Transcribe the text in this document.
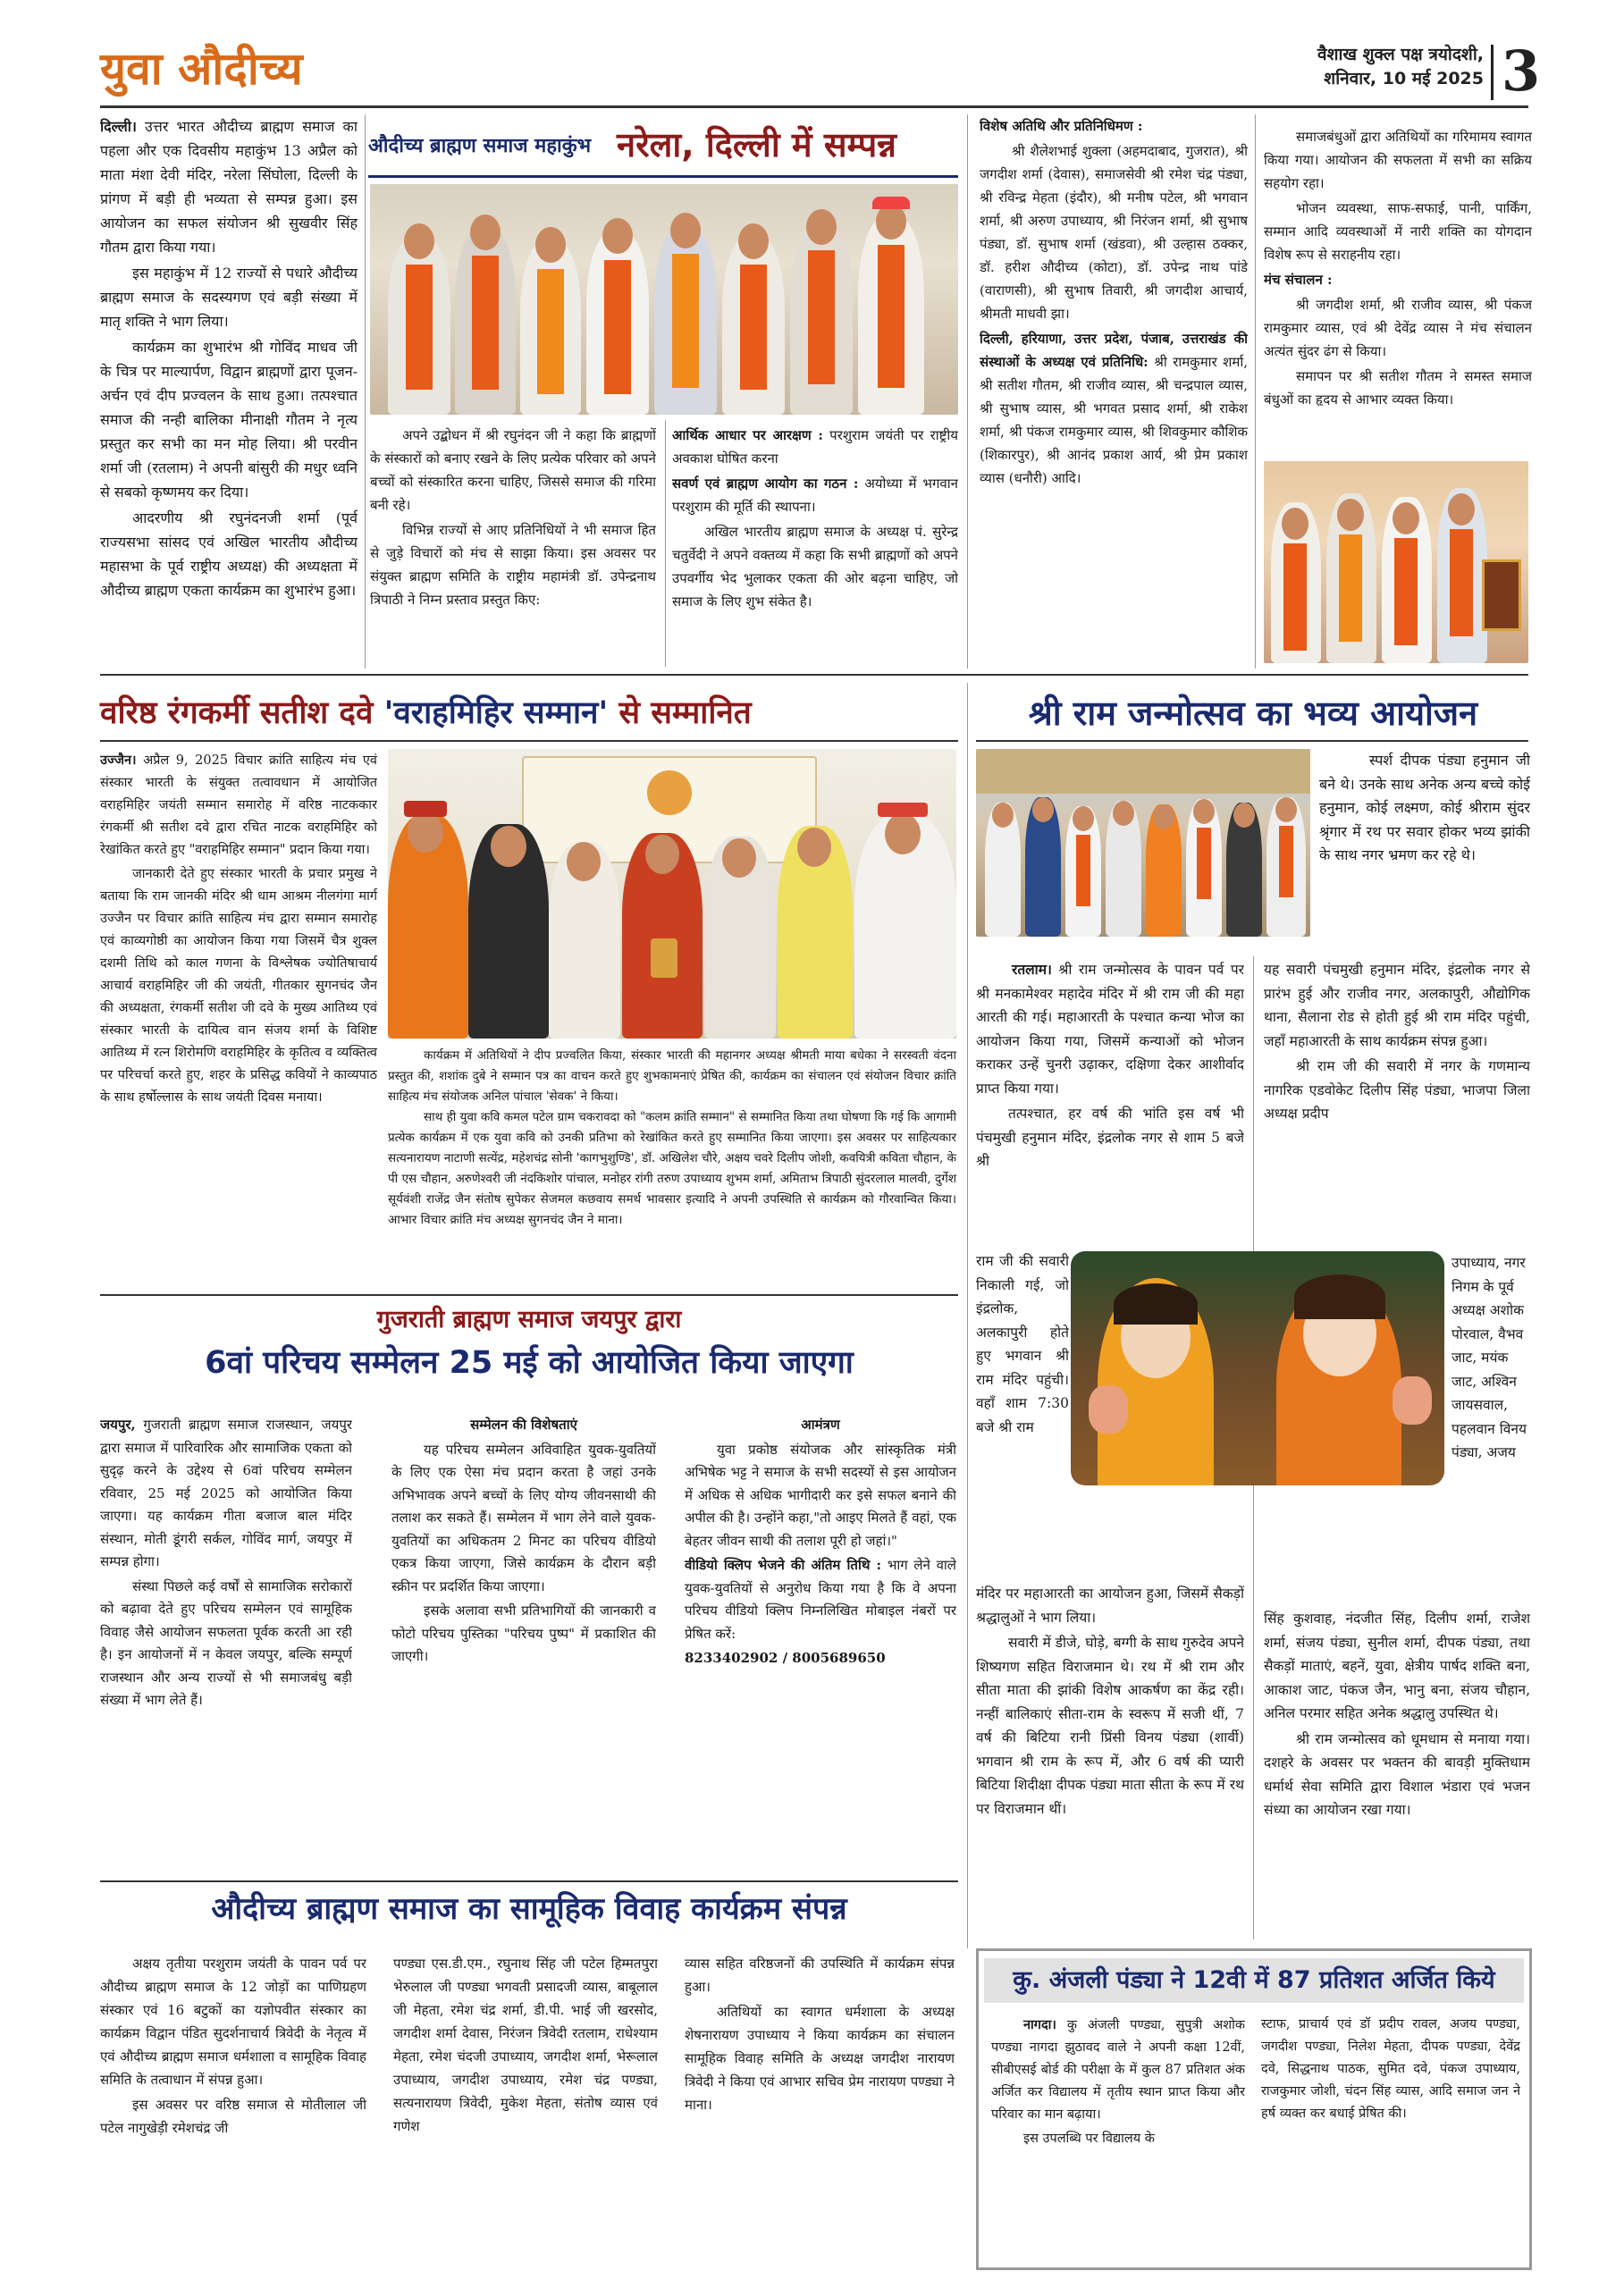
युवा औदीच्य	वैशाख शुक्ल पक्ष त्रयोदशी,
शनिवार, 10 मई 2025 3

दिल्ली। उत्तर भारत औदीच्य ब्राह्मण समाज का पहला और एक दिवसीय महाकुंभ 13 अप्रैल को माता मंशा देवी मंदिर, नरेला सिंघोला, दिल्ली के प्रांगण में बड़ी ही भव्यता से सम्पन्न हुआ। इस आयोजन का सफल संयोजन श्री सुखवीर सिंह गौतम द्वारा किया गया।

इस महाकुंभ में 12 राज्यों से पधारे औदीच्य ब्राह्मण समाज के सदस्यगण एवं बड़ी संख्या में मातृ शक्ति ने भाग लिया।

कार्यक्रम का शुभारंभ श्री गोविंद माधव जी के चित्र पर माल्यार्पण, विद्वान ब्राह्मणों द्वारा पूजन-अर्चन एवं दीप प्रज्वलन के साथ हुआ। तत्पश्चात समाज की नन्ही बालिका मीनाक्षी गौतम ने नृत्य प्रस्तुत कर सभी का मन मोह लिया। श्री परवीन शर्मा जी (रतलाम) ने अपनी बांसुरी की मधुर ध्वनि से सबको कृष्णमय कर दिया।

आदरणीय श्री रघुनंदनजी शर्मा (पूर्व राज्यसभा सांसद एवं अखिल भारतीय औदीच्य महासभा के पूर्व राष्ट्रीय अध्यक्ष) की अध्यक्षता में औदीच्य ब्राह्मण एकता कार्यक्रम का शुभारंभ हुआ।

औदीच्य ब्राह्मण समाज महाकुंभ नरेला, दिल्ली में सम्पन्न

अपने उद्बोधन में श्री रघुनंदन जी ने कहा कि ब्राह्मणों के संस्कारों को बनाए रखने के लिए प्रत्येक परिवार को अपने बच्चों को संस्कारित करना चाहिए, जिससे समाज की गरिमा बनी रहे।

विभिन्न राज्यों से आए प्रतिनिधियों ने भी समाज हित से जुड़े विचारों को मंच से साझा किया। इस अवसर पर संयुक्त ब्राह्मण समिति के राष्ट्रीय महामंत्री डॉ. उपेन्द्रनाथ त्रिपाठी ने निम्न प्रस्ताव प्रस्तुत किए:

आर्थिक आधार पर आरक्षण : परशुराम जयंती पर राष्ट्रीय अवकाश घोषित करना

सवर्ण एवं ब्राह्मण आयोग का गठन : अयोध्या में भगवान परशुराम की मूर्ति की स्थापना।

अखिल भारतीय ब्राह्मण समाज के अध्यक्ष पं. सुरेन्द्र चतुर्वेदी ने अपने वक्तव्य में कहा कि सभी ब्राह्मणों को अपने उपवर्गीय भेद भुलाकर एकता की ओर बढ़ना चाहिए, जो समाज के लिए शुभ संकेत है।

विशेष अतिथि और प्रतिनिधिमण :

श्री शैलेशभाई शुक्ला (अहमदाबाद, गुजरात), श्री जगदीश शर्मा (देवास), समाजसेवी श्री रमेश चंद्र पंड्या, श्री रविन्द्र मेहता (इंदौर), श्री मनीष पटेल, श्री भगवान शर्मा, श्री अरुण उपाध्याय, श्री निरंजन शर्मा, श्री सुभाष पंड्या, डॉ. सुभाष शर्मा (खंडवा), श्री उल्हास ठक्कर, डॉ. हरीश औदीच्य (कोटा), डॉ. उपेन्द्र नाथ पांडे (वाराणसी), श्री सुभाष तिवारी, श्री जगदीश आचार्य, श्रीमती माधवी झा।

दिल्ली, हरियाणा, उत्तर प्रदेश, पंजाब, उत्तराखंड की संस्थाओं के अध्यक्ष एवं प्रतिनिधि: श्री रामकुमार शर्मा, श्री सतीश गौतम, श्री राजीव व्यास, श्री चन्द्रपाल व्यास, श्री सुभाष व्यास, श्री भगवत प्रसाद शर्मा, श्री राकेश शर्मा, श्री पंकज रामकुमार व्यास, श्री शिवकुमार कौशिक (शिकारपुर), श्री आनंद प्रकाश आर्य, श्री प्रेम प्रकाश व्यास (धनौरी) आदि।

समाजबंधुओं द्वारा अतिथियों का गरिमामय स्वागत किया गया। आयोजन की सफलता में सभी का सक्रिय सहयोग रहा।

भोजन व्यवस्था, साफ-सफाई, पानी, पार्किंग, सम्मान आदि व्यवस्थाओं में नारी शक्ति का योगदान विशेष रूप से सराहनीय रहा।

मंच संचालन :

श्री जगदीश शर्मा, श्री राजीव व्यास, श्री पंकज रामकुमार व्यास, एवं श्री देवेंद्र व्यास ने मंच संचालन अत्यंत सुंदर ढंग से किया।

समापन पर श्री सतीश गौतम ने समस्त समाज बंधुओं का हृदय से आभार व्यक्त किया।

वरिष्ठ रंगकर्मी सतीश दवे 'वराहमिहिर सम्मान' से सम्मानित

उज्जैन। अप्रैल 9, 2025 विचार क्रांति साहित्य मंच एवं संस्कार भारती के संयुक्त तत्वावधान में आयोजित वराहमिहिर जयंती सम्मान समारोह में वरिष्ठ नाटककार रंगकर्मी श्री सतीश दवे द्वारा रचित नाटक वराहमिहिर को रेखांकित करते हुए "वराहमिहिर सम्मान" प्रदान किया गया।

जानकारी देते हुए संस्कार भारती के प्रचार प्रमुख ने बताया कि राम जानकी मंदिर श्री धाम आश्रम नीलगंगा मार्ग उज्जैन पर विचार क्रांति साहित्य मंच द्वारा सम्मान समारोह एवं काव्यगोष्ठी का आयोजन किया गया जिसमें चैत्र शुक्ल दशमी तिथि को काल गणना के विश्लेषक ज्योतिषाचार्य आचार्य वराहमिहिर जी की जयंती, गीतकार सुगनचंद जैन की अध्यक्षता, रंगकर्मी सतीश जी दवे के मुख्य आतिथ्य एवं संस्कार भारती के दायित्व वान संजय शर्मा के विशिष्ट आतिथ्य में रत्न शिरोमणि वराहमिहिर के कृतित्व व व्यक्तित्व पर परिचर्चा करते हुए, शहर के प्रसिद्ध कवियों ने काव्यपाठ के साथ हर्षोल्लास के साथ जयंती दिवस मनाया।

कार्यक्रम में अतिथियों ने दीप प्रज्वलित किया, संस्कार भारती की महानगर अध्यक्ष श्रीमती माया बधेका ने सरस्वती वंदना प्रस्तुत की, शशांक दुबे ने सम्मान पत्र का वाचन करते हुए शुभकामनाएं प्रेषित की, कार्यक्रम का संचालन एवं संयोजन विचार क्रांति साहित्य मंच संयोजक अनिल पांचाल 'सेवक' ने किया।

साथ ही युवा कवि कमल पटेल ग्राम चकरावदा को "कलम क्रांति सम्मान" से सम्मानित किया तथा घोषणा कि गई कि आगामी प्रत्येक कार्यक्रम में एक युवा कवि को उनकी प्रतिभा को रेखांकित करते हुए सम्मानित किया जाएगा। इस अवसर पर साहित्यकार सत्यनारायण नाटाणी सत्येंद्र, महेशचंद्र सोनी 'कागभुशुण्डि', डॉ. अखिलेश चौरे, अक्षय चवरे दिलीप जोशी, कवयित्री कविता चौहान, के पी एस चौहान, अरुणेश्वरी जी नंदकिशोर पांचाल, मनोहर रांगी तरुण उपाध्याय शुभम शर्मा, अमिताभ त्रिपाठी सुंदरलाल मालवी, दुर्गेश सूर्यवंशी राजेंद्र जैन संतोष सुपेकर सेजमल कछवाय समर्थ भावसार इत्यादि ने अपनी उपस्थिति से कार्यक्रम को गौरवान्वित किया। आभार विचार क्रांति मंच अध्यक्ष सुगनचंद जैन ने माना।

गुजराती ब्राह्मण समाज जयपुर द्वारा
6वां परिचय सम्मेलन 25 मई को आयोजित किया जाएगा

जयपुर, गुजराती ब्राह्मण समाज राजस्थान, जयपुर द्वारा समाज में पारिवारिक और सामाजिक एकता को सुदृढ़ करने के उद्देश्य से 6वां परिचय सम्मेलन रविवार, 25 मई 2025 को आयोजित किया जाएगा। यह कार्यक्रम गीता बजाज बाल मंदिर संस्थान, मोती डूंगरी सर्कल, गोविंद मार्ग, जयपुर में सम्पन्न होगा।

संस्था पिछले कई वर्षों से सामाजिक सरोकारों को बढ़ावा देते हुए परिचय सम्मेलन एवं सामूहिक विवाह जैसे आयोजन सफलता पूर्वक करती आ रही है। इन आयोजनों में न केवल जयपुर, बल्कि सम्पूर्ण राजस्थान और अन्य राज्यों से भी समाजबंधु बड़ी संख्या में भाग लेते हैं।

सम्मेलन की विशेषताएं

यह परिचय सम्मेलन अविवाहित युवक-युवतियों के लिए एक ऐसा मंच प्रदान करता है जहां उनके अभिभावक अपने बच्चों के लिए योग्य जीवनसाथी की तलाश कर सकते हैं। सम्मेलन में भाग लेने वाले युवक-युवतियों का अधिकतम 2 मिनट का परिचय वीडियो एकत्र किया जाएगा, जिसे कार्यक्रम के दौरान बड़ी स्क्रीन पर प्रदर्शित किया जाएगा।

इसके अलावा सभी प्रतिभागियों की जानकारी व फोटो परिचय पुस्तिका "परिचय पुष्प" में प्रकाशित की जाएगी।

आमंत्रण

युवा प्रकोष्ठ संयोजक और सांस्कृतिक मंत्री अभिषेक भट्ट ने समाज के सभी सदस्यों से इस आयोजन में अधिक से अधिक भागीदारी कर इसे सफल बनाने की अपील की है। उन्होंने कहा,"तो आइए मिलते हैं वहां, एक बेहतर जीवन साथी की तलाश पूरी हो जहां।"

वीडियो क्लिप भेजने की अंतिम तिथि : भाग लेने वाले युवक-युवतियों से अनुरोध किया गया है कि वे अपना परिचय वीडियो क्लिप निम्नलिखित मोबाइल नंबरों पर प्रेषित करें:

8233402902 / 8005689650

औदीच्य ब्राह्मण समाज का सामूहिक विवाह कार्यक्रम संपन्न

अक्षय तृतीया परशुराम जयंती के पावन पर्व पर औदीच्य ब्राह्मण समाज के 12 जोड़ों का पाणिग्रहण संस्कार एवं 16 बटुकों का यज्ञोपवीत संस्कार का कार्यक्रम विद्वान पंडित सुदर्शनाचार्य त्रिवेदी के नेतृत्व में एवं औदीच्य ब्राह्मण समाज धर्मशाला व सामूहिक विवाह समिति के तत्वाधान में संपन्न हुआ।

इस अवसर पर वरिष्ठ समाज से मोतीलाल जी पटेल नागुखेड़ी रमेशचंद्र जी

पण्ड्या एस.डी.एम., रघुनाथ सिंह जी पटेल हिम्मतपुरा भेरुलाल जी पण्ड्या भगवती प्रसादजी व्यास, बाबूलाल जी मेहता, रमेश चंद्र शर्मा, डी.पी. भाई जी खरसोद, जगदीश शर्मा देवास, निरंजन त्रिवेदी रतलाम, राधेश्याम मेहता, रमेश चंदजी उपाध्याय, जगदीश शर्मा, भेरूलाल उपाध्याय, जगदीश उपाध्याय, रमेश चंद्र पण्ड्या, सत्यनारायण त्रिवेदी, मुकेश मेहता, संतोष व्यास एवं गणेश

व्यास सहित वरिष्ठजनों की उपस्थिति में कार्यक्रम संपन्न हुआ।

अतिथियों का स्वागत धर्मशाला के अध्यक्ष शेषनारायण उपाध्याय ने किया कार्यक्रम का संचालन सामूहिक विवाह समिति के अध्यक्ष जगदीश नारायण त्रिवेदी ने किया एवं आभार सचिव प्रेम नारायण पण्ड्या ने माना।

श्री राम जन्मोत्सव का भव्य आयोजन

स्पर्श दीपक पंड्या हनुमान जी बने थे। उनके साथ अनेक अन्य बच्चे कोई हनुमान, कोई लक्ष्मण, कोई श्रीराम सुंदर श्रृंगार में रथ पर सवार होकर भव्य झांकी के साथ नगर भ्रमण कर रहे थे।

रतलाम। श्री राम जन्मोत्सव के पावन पर्व पर श्री मनकामेश्वर महादेव मंदिर में श्री राम जी की महा आरती की गई। महाआरती के पश्चात कन्या भोज का आयोजन किया गया, जिसमें कन्याओं को भोजन कराकर उन्हें चुनरी उढ़ाकर, दक्षिणा देकर आशीर्वाद प्राप्त किया गया।

तत्पश्चात, हर वर्ष की भांति इस वर्ष भी पंचमुखी हनुमान मंदिर, इंद्रलोक नगर से शाम 5 बजे श्री

राम जी की सवारी निकाली गई, जो इंद्रलोक, अलकापुरी होते हुए भगवान श्री राम मंदिर पहुंची। वहाँ शाम 7:30 बजे श्री राम

मंदिर पर महाआरती का आयोजन हुआ, जिसमें सैकड़ों श्रद्धालुओं ने भाग लिया।

सवारी में डीजे, घोड़े, बग्गी के साथ गुरुदेव अपने शिष्यगण सहित विराजमान थे। रथ में श्री राम और सीता माता की झांकी विशेष आकर्षण का केंद्र रही। नन्हीं बालिकाएं सीता-राम के स्वरूप में सजी थीं, 7 वर्ष की बिटिया रानी प्रिंसी विनय पंड्या (शार्वी) भगवान श्री राम के रूप में, और 6 वर्ष की प्यारी बिटिया शिदीक्षा दीपक पंड्या माता सीता के रूप में रथ पर विराजमान थीं।

यह सवारी पंचमुखी हनुमान मंदिर, इंद्रलोक नगर से प्रारंभ हुई और राजीव नगर, अलकापुरी, औद्योगिक थाना, सैलाना रोड से होती हुई श्री राम मंदिर पहुंची, जहाँ महाआरती के साथ कार्यक्रम संपन्न हुआ।

श्री राम जी की सवारी में नगर के गणमान्य नागरिक एडवोकेट दिलीप सिंह पंड्या, भाजपा जिला अध्यक्ष प्रदीप

उपाध्याय, नगर निगम के पूर्व अध्यक्ष अशोक पोरवाल, वैभव जाट, मयंक जाट, अश्विन जायसवाल, पहलवान विनय पंड्या, अजय

सिंह कुशवाह, नंदजीत सिंह, दिलीप शर्मा, राजेश शर्मा, संजय पंड्या, सुनील शर्मा, दीपक पंड्या, तथा सैकड़ों माताएं, बहनें, युवा, क्षेत्रीय पार्षद शक्ति बना, आकाश जाट, पंकज जैन, भानु बना, संजय चौहान, अनिल परमार सहित अनेक श्रद्धालु उपस्थित थे।

श्री राम जन्मोत्सव को धूमधाम से मनाया गया। दशहरे के अवसर पर भक्तन की बावड़ी मुक्तिधाम धर्मार्थ सेवा समिति द्वारा विशाल भंडारा एवं भजन संध्या का आयोजन रखा गया।

कु. अंजली पंड्या ने 12वी में 87 प्रतिशत अर्जित किये

नागदा। कु अंजली पण्ड्या, सुपुत्री अशोक पण्ड्या नागदा झुठावद वाले ने अपनी कक्षा 12वीं, सीबीएसई बोर्ड की परीक्षा के में कुल 87 प्रतिशत अंक अर्जित कर विद्यालय में तृतीय स्थान प्राप्त किया और परिवार का मान बढ़ाया।

इस उपलब्धि पर विद्यालय के

स्टाफ, प्राचार्य एवं डॉ प्रदीप रावल, अजय पण्ड्या, जगदीश पण्ड्या, निलेश मेहता, दीपक पण्ड्या, देवेंद्र दवे, सिद्धनाथ पाठक, सुमित दवे, पंकज उपाध्याय, राजकुमार जोशी, चंदन सिंह व्यास, आदि समाज जन ने हर्ष व्यक्त कर बधाई प्रेषित की।
